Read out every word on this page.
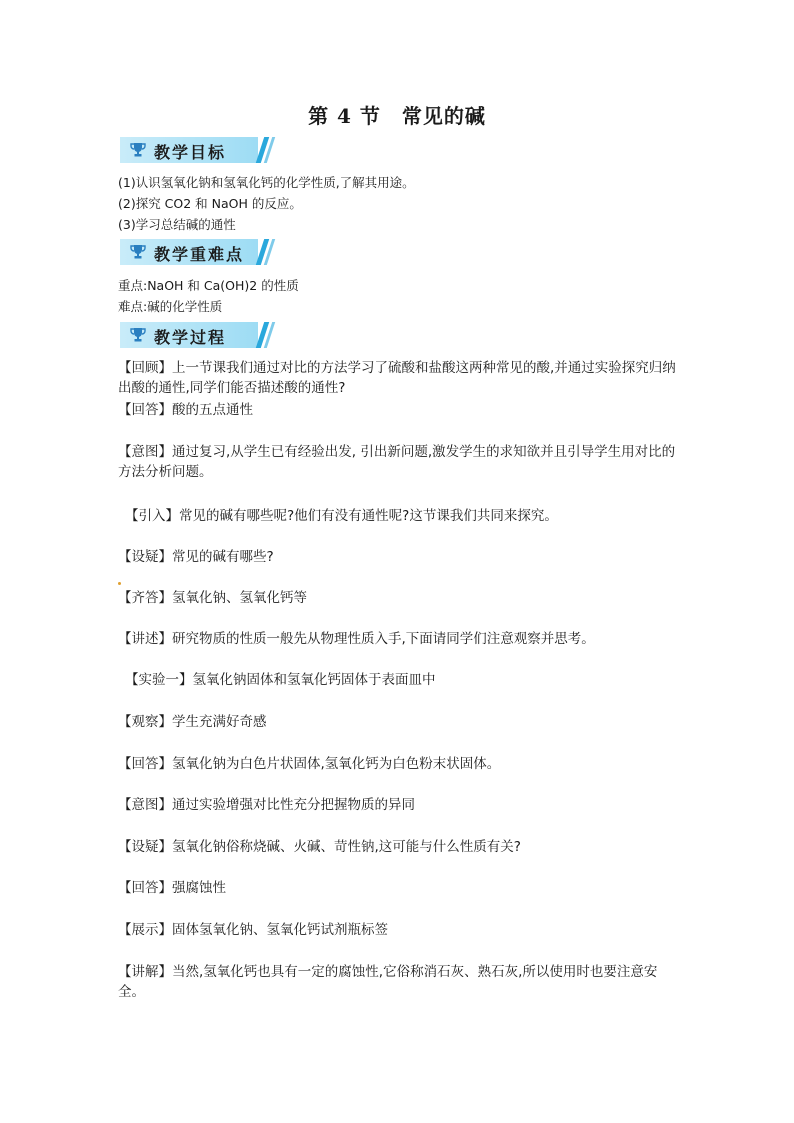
第 4 节　常见的碱
教学目标
(1)认识氢氧化钠和氢氧化钙的化学性质,了解其用途。
(2)探究 CO2 和 NaOH 的反应。
(3)学习总结碱的通性
教学重难点
重点:NaOH 和 Ca(OH)2 的性质
难点:碱的化学性质
教学过程
【回顾】上一节课我们通过对比的方法学习了硫酸和盐酸这两种常见的酸,并通过实验探究归纳出酸的通性,同学们能否描述酸的通性?
【回答】酸的五点通性
【意图】通过复习,从学生已有经验出发, 引出新问题,激发学生的求知欲并且引导学生用对比的方法分析问题。
【引入】常见的碱有哪些呢?他们有没有通性呢?这节课我们共同来探究。
【设疑】常见的碱有哪些?
【齐答】氢氧化钠、氢氧化钙等
【讲述】研究物质的性质一般先从物理性质入手,下面请同学们注意观察并思考。
【实验一】氢氧化钠固体和氢氧化钙固体于表面皿中
【观察】学生充满好奇感
【回答】氢氧化钠为白色片状固体,氢氧化钙为白色粉末状固体。
【意图】通过实验增强对比性充分把握物质的异同
【设疑】氢氧化钠俗称烧碱、火碱、苛性钠,这可能与什么性质有关?
【回答】强腐蚀性
【展示】固体氢氧化钠、氢氧化钙试剂瓶标签
【讲解】当然,氢氧化钙也具有一定的腐蚀性,它俗称消石灰、熟石灰,所以使用时也要注意安全。
